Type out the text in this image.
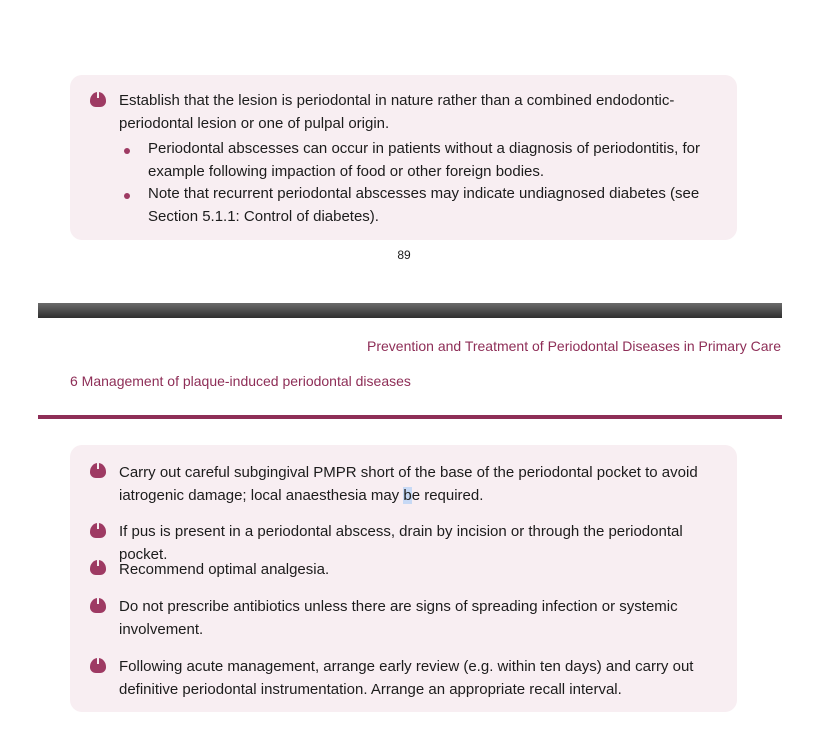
Establish that the lesion is periodontal in nature rather than a combined endodontic-periodontal lesion or one of pulpal origin.
Periodontal abscesses can occur in patients without a diagnosis of periodontitis, for example following impaction of food or other foreign bodies.
Note that recurrent periodontal abscesses may indicate undiagnosed diabetes (see Section 5.1.1: Control of diabetes).
89
Prevention and Treatment of Periodontal Diseases in Primary Care
6 Management of plaque-induced periodontal diseases
Carry out careful subgingival PMPR short of the base of the periodontal pocket to avoid iatrogenic damage; local anaesthesia may be required.
If pus is present in a periodontal abscess, drain by incision or through the periodontal pocket.
Recommend optimal analgesia.
Do not prescribe antibiotics unless there are signs of spreading infection or systemic involvement.
Following acute management, arrange early review (e.g. within ten days) and carry out definitive periodontal instrumentation. Arrange an appropriate recall interval.
